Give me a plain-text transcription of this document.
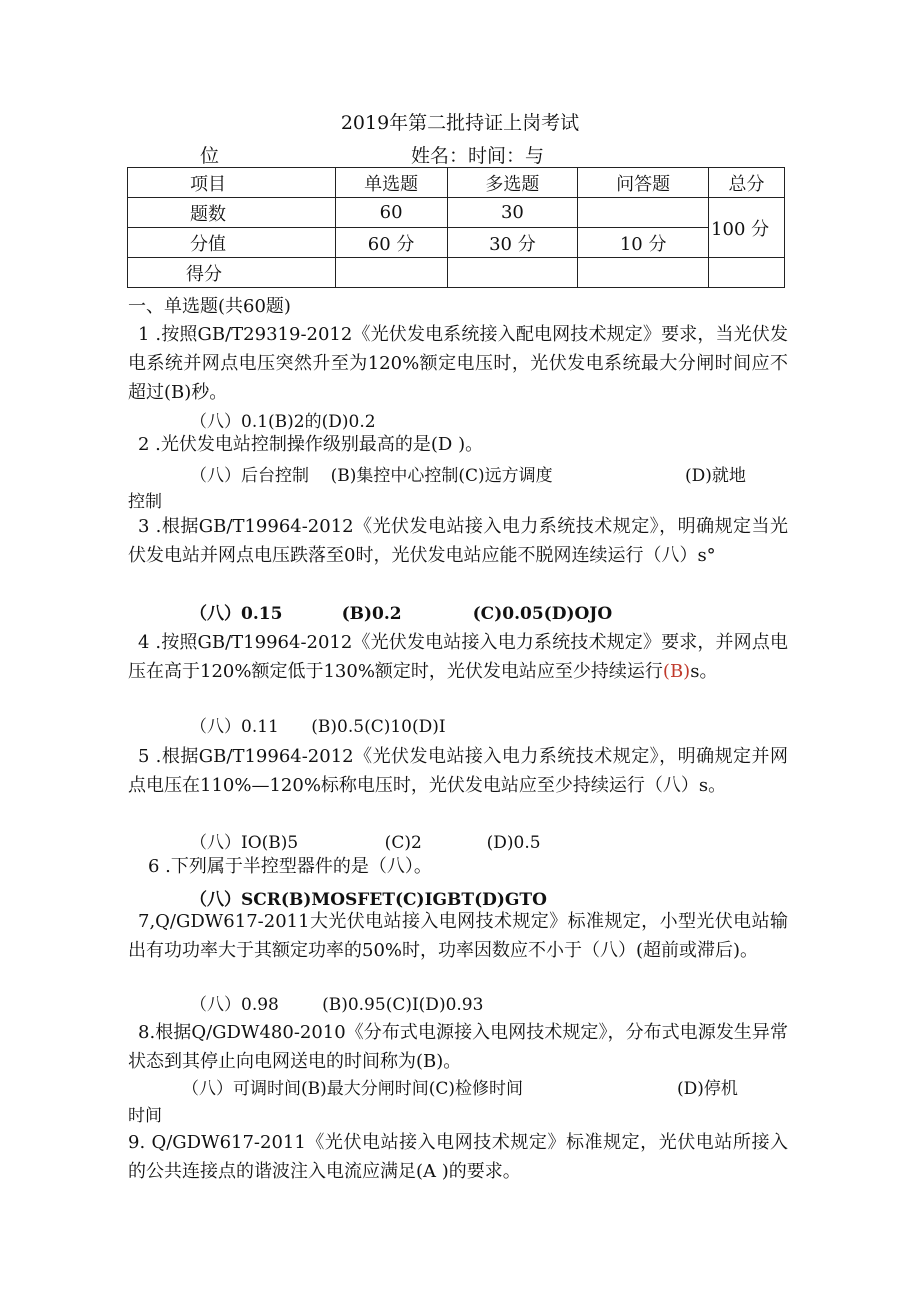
2019年第二批持证上岗考试
位	姓名：时间：与
项目	单选题	多选题	问答题	总分
题数	60	30		100 分
分值	60 分	30 分	10 分	
得分				
一、单选题(共60题)
1 .按照GB/T29319-2012《光伏发电系统接入配电网技术规定》要求，当光伏发电系统并网点电压突然升至为120%额定电压时，光伏发电系统最大分闸时间应不超过(B)秒。
（八）0.1(B)2的(D)0.2
2 .光伏发电站控制操作级别最高的是(D )。
（八）后台控制    (B)集控中心控制(C)远方调度	(D)就地
控制
3 .根据GB/T19964-2012《光伏发电站接入电力系统技术规定》，明确规定当光伏发电站并网点电压跌落至0时，光伏发电站应能不脱网连续运行（八）s°
（八）0.15          (B)0.2            (C)0.05(D)OJO
4 .按照GB/T19964-2012《光伏发电站接入电力系统技术规定》要求，并网点电压在高于120%额定低于130%额定时，光伏发电站应至少持续运行(B)s。
（八）0.11      (B)0.5(C)10(D)I
5 .根据GB/T19964-2012《光伏发电站接入电力系统技术规定》，明确规定并网点电压在110%—120%标称电压时，光伏发电站应至少持续运行（八）s。
（八）IO(B)5                (C)2            (D)0.5
6 .下列属于半控型器件的是（八）。
（八）SCR(B)MOSFET(C)IGBT(D)GTO
7,Q/GDW617-2011大光伏电站接入电网技术规定》标准规定，小型光伏电站输出有功功率大于其额定功率的50%时，功率因数应不小于（八）(超前或滞后)。
（八）0.98        (B)0.95(C)I(D)0.93
8.根据Q/GDW480-2010《分布式电源接入电网技术规定》，分布式电源发生异常状态到其停止向电网送电的时间称为(B)。
（八）可调时间(B)最大分闸时间(C)检修时间	(D)停机
时间
9. Q/GDW617-2011《光伏电站接入电网技术规定》标准规定，光伏电站所接入的公共连接点的谐波注入电流应满足(A )的要求。
